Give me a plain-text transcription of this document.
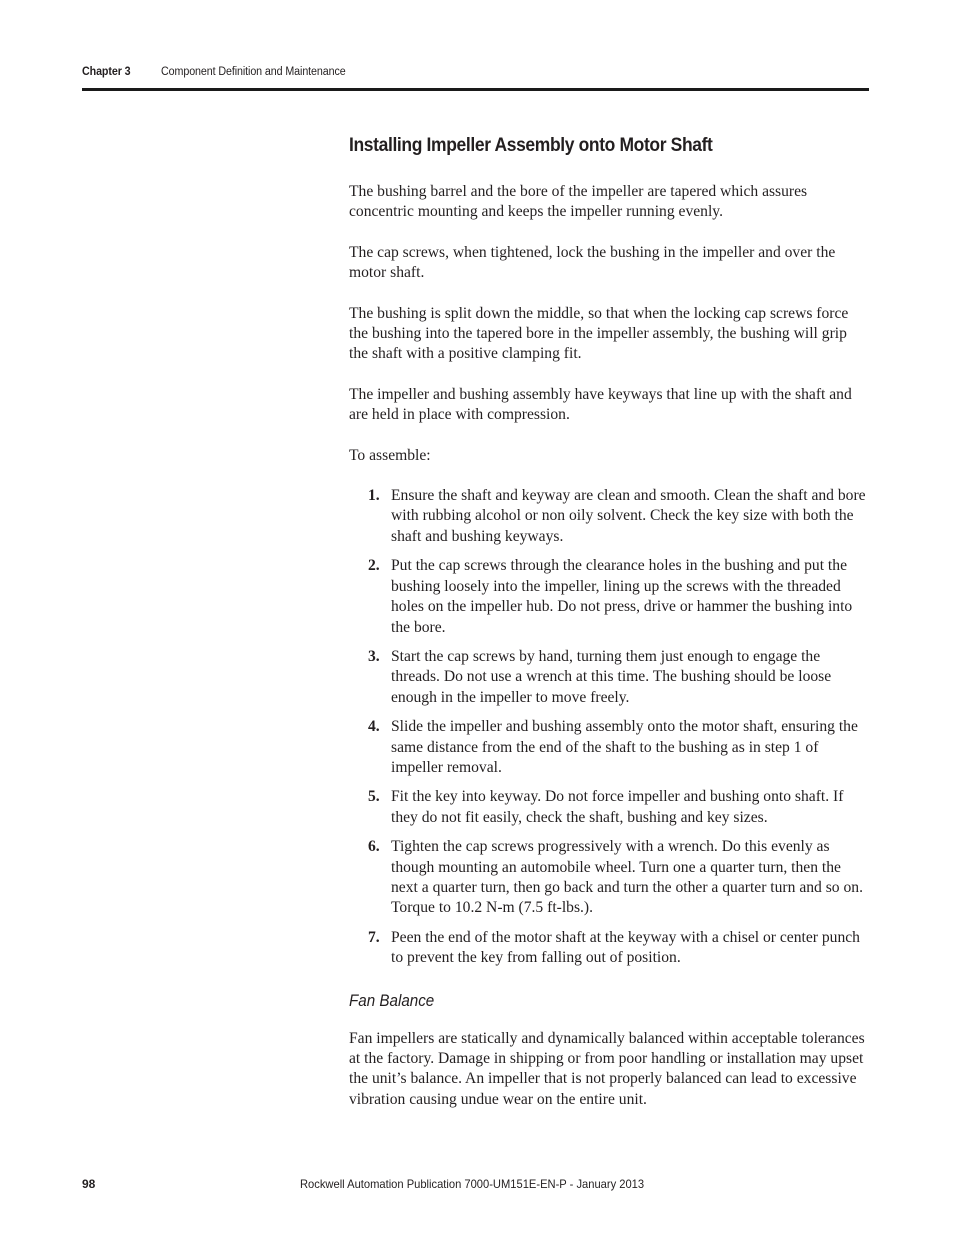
Chapter 3	Component Definition and Maintenance
Installing Impeller Assembly onto Motor Shaft

The bushing barrel and the bore of the impeller are tapered which assures concentric mounting and keeps the impeller running evenly.

The cap screws, when tightened, lock the bushing in the impeller and over the motor shaft.

The bushing is split down the middle, so that when the locking cap screws force the bushing into the tapered bore in the impeller assembly, the bushing will grip the shaft with a positive clamping fit.

The impeller and bushing assembly have keyways that line up with the shaft and are held in place with compression.

To assemble:

1. Ensure the shaft and keyway are clean and smooth. Clean the shaft and bore with rubbing alcohol or non oily solvent. Check the key size with both the shaft and bushing keyways.
2. Put the cap screws through the clearance holes in the bushing and put the bushing loosely into the impeller, lining up the screws with the threaded holes on the impeller hub. Do not press, drive or hammer the bushing into the bore.
3. Start the cap screws by hand, turning them just enough to engage the threads. Do not use a wrench at this time. The bushing should be loose enough in the impeller to move freely.
4. Slide the impeller and bushing assembly onto the motor shaft, ensuring the same distance from the end of the shaft to the bushing as in step 1 of impeller removal.
5. Fit the key into keyway. Do not force impeller and bushing onto shaft. If they do not fit easily, check the shaft, bushing and key sizes.
6. Tighten the cap screws progressively with a wrench. Do this evenly as though mounting an automobile wheel. Turn one a quarter turn, then the next a quarter turn, then go back and turn the other a quarter turn and so on. Torque to 10.2 N-m (7.5 ft-lbs.).
7. Peen the end of the motor shaft at the keyway with a chisel or center punch to prevent the key from falling out of position.
Fan Balance

Fan impellers are statically and dynamically balanced within acceptable tolerances at the factory. Damage in shipping or from poor handling or installation may upset the unit’s balance. An impeller that is not properly balanced can lead to excessive vibration causing undue wear on the entire unit.

98	Rockwell Automation Publication 7000-UM151E-EN-P - January 2013
